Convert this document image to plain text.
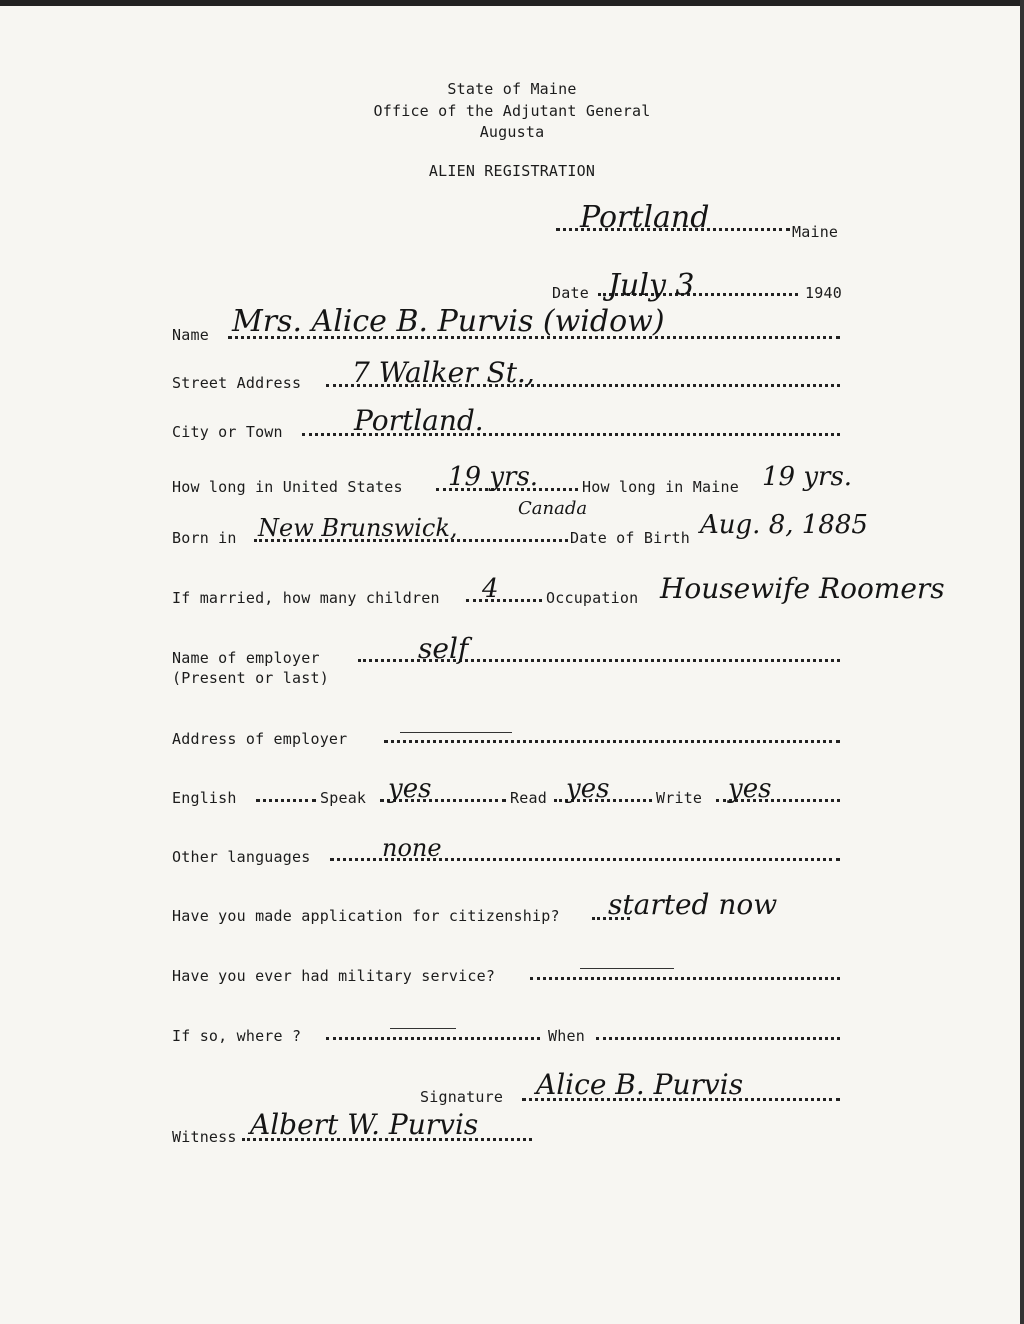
State of Maine
Office of the Adjutant General
Augusta
ALIEN REGISTRATION
Portland	Maine
Date July 3	1940
Name Mrs. Alice B. Purvis (widow)
Street Address 7 Walker St.,
City or Town	Portland.
How long in United States 19 yrs.	How long in Maine 19 yrs.
Born in New Brunswick,
Canada
Date of Birth Aug. 8, 1885
If married, how many children 4	Occupation Housewife Roomers
Name of employer
(Present or last)
self
Address of employer
English	Speak yes	Read yes	Write yes
Other languages	none
Have you made application for citizenship? started now
Have you ever had military service?
If so, where ?	When
Signature Alice B. Purvis
Witness Albert W. Purvis
